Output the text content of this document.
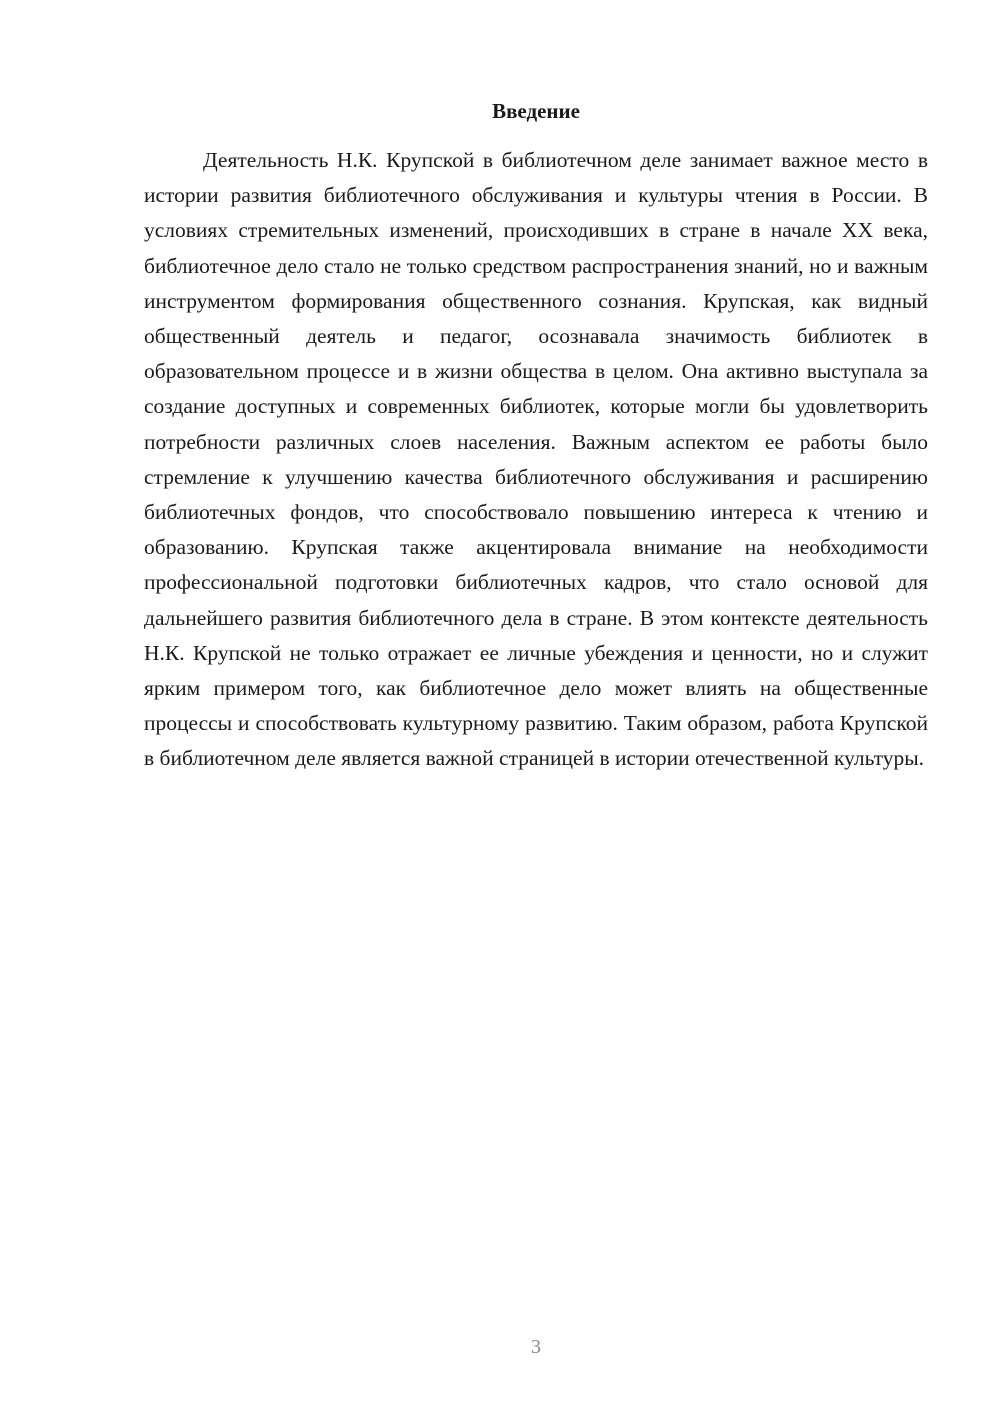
Введение

Деятельность Н.К. Крупской в библиотечном деле занимает важное место в истории развития библиотечного обслуживания и культуры чтения в России. В условиях стремительных изменений, происходивших в стране в начале XX века, библиотечное дело стало не только средством распространения знаний, но и важным инструментом формирования общественного сознания. Крупская, как видный общественный деятель и педагог, осознавала значимость библиотек в образовательном процессе и в жизни общества в целом. Она активно выступала за создание доступных и современных библиотек, которые могли бы удовлетворить потребности различных слоев населения. Важным аспектом ее работы было стремление к улучшению качества библиотечного обслуживания и расширению библиотечных фондов, что способствовало повышению интереса к чтению и образованию. Крупская также акцентировала внимание на необходимости профессиональной подготовки библиотечных кадров, что стало основой для дальнейшего развития библиотечного дела в стране. В этом контексте деятельность Н.К. Крупской не только отражает ее личные убеждения и ценности, но и служит ярким примером того, как библиотечное дело может влиять на общественные процессы и способствовать культурному развитию. Таким образом, работа Крупской в библиотечном деле является важной страницей в истории отечественной культуры.

3
